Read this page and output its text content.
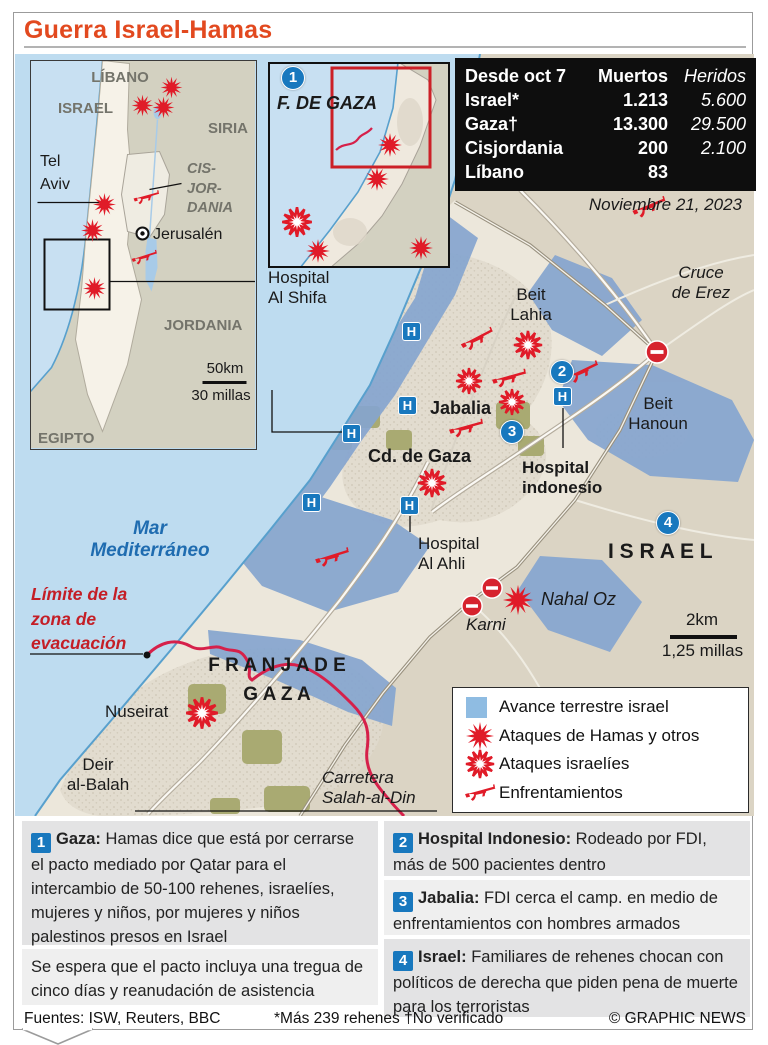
Guerra Israel-Hamas
Desde oct 7	Muertos Heridos
Israel*	1.213	5.600
Gaza†	13.300	29.500
Cisjordania	200	2.100
Líbano	83
Noviembre 21, 2023
Cruce
de Erez
Beit
Lahia
Beit
Hanoun
Jabalia
Cd. de Gaza
Hospital
indonesio
Hospital
Al Shifa
Hospital
Al Ahli
Mar
Mediterráneo
Límite de la
zona de
evacuación
F R A N J A D E
G A Z A
Nuseirat
Deir
al-Balah	Carretera
Salah-al-Din
Karni
Nahal Oz
I S R A E L
2km
1,25 millas
LÍBANO
ISRAEL
SIRIA
CIS-
JOR-
DANIA
Tel
Aviv
Jerusalén
JORDANIA
EGIPTO
50km
30 millas
1
F. DE GAZA
H
H
H
H
H	H
2
3
4
Avance terrestre israel
Ataques de Hamas y otros
Ataques israelíes
Enfrentamientos
1 Gaza: Hamas dice que está por cerrarse el pacto mediado por Qatar para el intercambio de 50-100 rehenes, israelíes, mujeres y niños, por mujeres y niños palestinos presos en Israel
Se espera que el pacto incluya una tregua de cinco días y reanudación de asistencia
2 Hospital Indonesio: Rodeado por FDI, más de 500 pacientes dentro
3 Jabalia: FDI cerca el camp. en medio de enfrentamientos con hombres armados
4 Israel: Familiares de rehenes chocan con políticos de derecha que piden pena de muerte para los terroristas
Fuentes: ISW, Reuters, BBC	*Más 239 rehenes †No verificado	© GRAPHIC NEWS
